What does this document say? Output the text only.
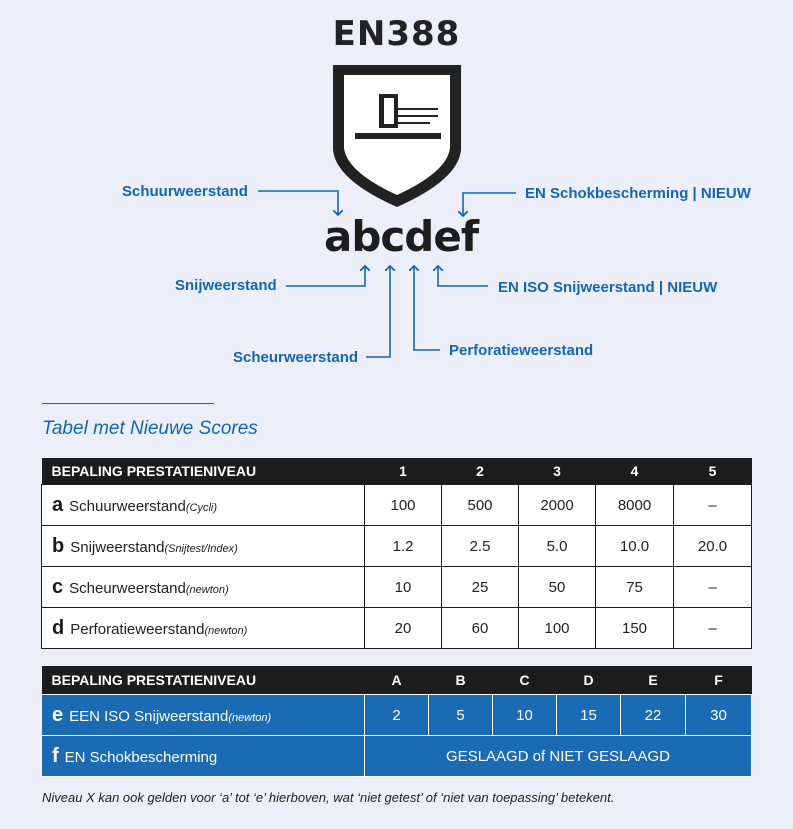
EN388
abcdef
Schuurweerstand	EN Schokbescherming | NIEUW
Snijweerstand	EN ISO Snijweerstand | NIEUW
Scheurweerstand	Perforatieweerstand
Tabel met Nieuwe Scores
BEPALING PRESTATIENIVEAU	1	2	3	4	5
a Schuurweerstand(Cycli)	100	500	2000	8000	–
b Snijweerstand(Snijtest/Index)	1.2	2.5	5.0	10.0	20.0
c Scheurweerstand(newton)	10	25	50	75	–
d Perforatieweerstand(newton)	20	60	100	150	–
BEPALING PRESTATIENIVEAU	A	B	C	D	E	F
e EEN ISO Snijweerstand(newton)	2	5	10	15	22	30
f EN Schokbescherming	GESLAAGD of NIET GESLAAGD					
Niveau X kan ook gelden voor ‘a’ tot ‘e’ hierboven, wat ‘niet getest’ of ‘niet van toepassing’ betekent.
